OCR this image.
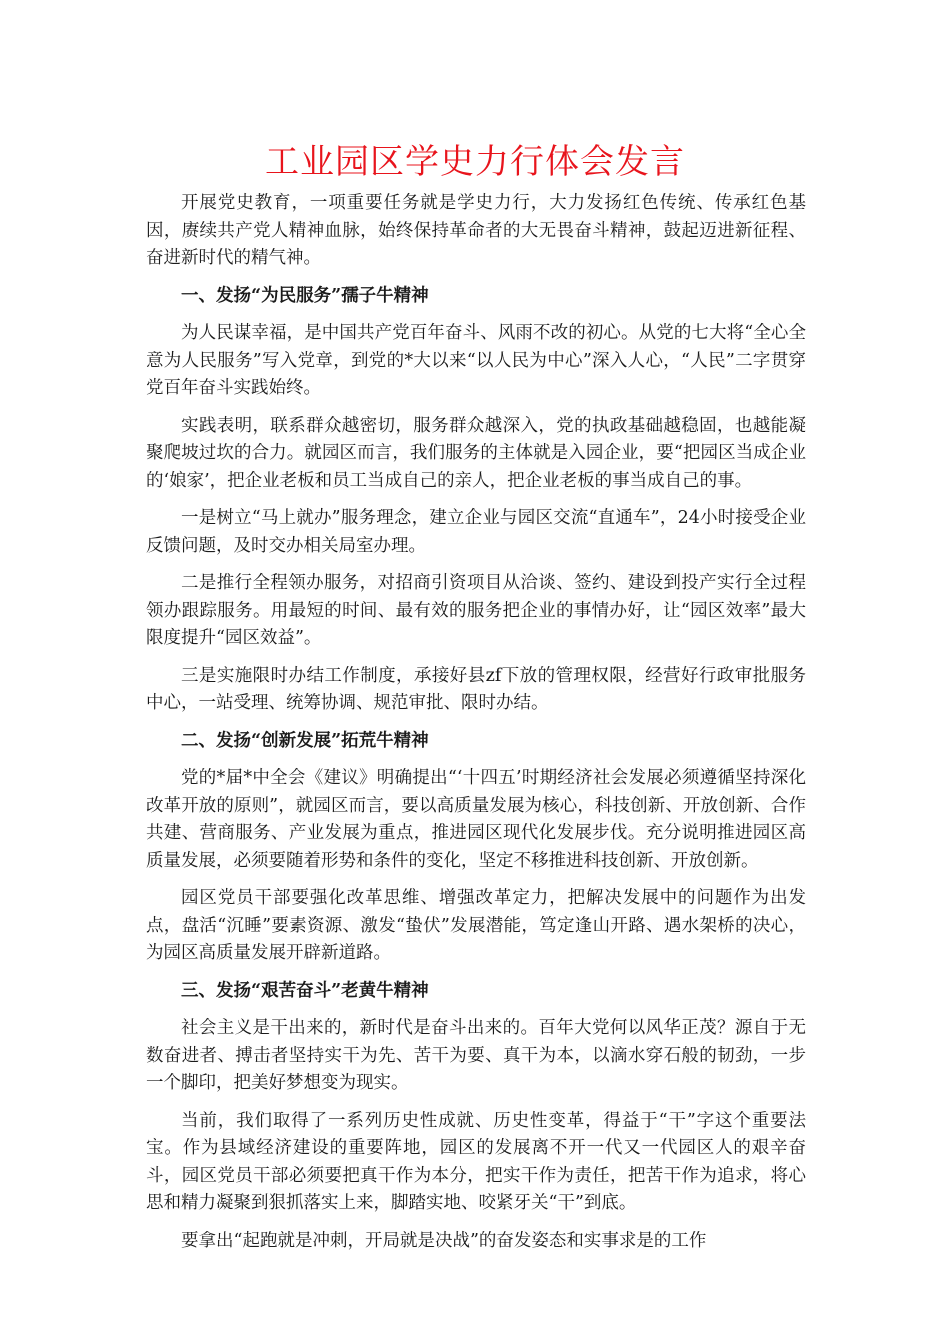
工业园区学史力行体会发言

开展党史教育，一项重要任务就是学史力行，大力发扬红色传统、传承红色基因，赓续共产党人精神血脉，始终保持革命者的大无畏奋斗精神，鼓起迈进新征程、奋进新时代的精气神。

一、发扬“为民服务”孺子牛精神

为人民谋幸福，是中国共产党百年奋斗、风雨不改的初心。从党的七大将“全心全意为人民服务”写入党章，到党的*大以来“以人民为中心”深入人心，“人民”二字贯穿党百年奋斗实践始终。

实践表明，联系群众越密切，服务群众越深入，党的执政基础越稳固，也越能凝聚爬坡过坎的合力。就园区而言，我们服务的主体就是入园企业，要“把园区当成企业的‘娘家’，把企业老板和员工当成自己的亲人，把企业老板的事当成自己的事。

一是树立“马上就办”服务理念，建立企业与园区交流“直通车”，24小时接受企业反馈问题，及时交办相关局室办理。

二是推行全程领办服务，对招商引资项目从洽谈、签约、建设到投产实行全过程领办跟踪服务。用最短的时间、最有效的服务把企业的事情办好，让“园区效率”最大限度提升“园区效益”。

三是实施限时办结工作制度，承接好县zf下放的管理权限，经营好行政审批服务中心，一站受理、统筹协调、规范审批、限时办结。

二、发扬“创新发展”拓荒牛精神

党的*届*中全会《建议》明确提出“‘十四五’时期经济社会发展必须遵循坚持深化改革开放的原则”，就园区而言，要以高质量发展为核心，科技创新、开放创新、合作共建、营商服务、产业发展为重点，推进园区现代化发展步伐。充分说明推进园区高质量发展，必须要随着形势和条件的变化，坚定不移推进科技创新、开放创新。

园区党员干部要强化改革思维、增强改革定力，把解决发展中的问题作为出发点，盘活“沉睡”要素资源、激发“蛰伏”发展潜能，笃定逢山开路、遇水架桥的决心，为园区高质量发展开辟新道路。

三、发扬“艰苦奋斗”老黄牛精神

社会主义是干出来的，新时代是奋斗出来的。百年大党何以风华正茂？源自于无数奋进者、搏击者坚持实干为先、苦干为要、真干为本，以滴水穿石般的韧劲，一步一个脚印，把美好梦想变为现实。

当前，我们取得了一系列历史性成就、历史性变革，得益于“干”字这个重要法宝。作为县域经济建设的重要阵地，园区的发展离不开一代又一代园区人的艰辛奋斗，园区党员干部必须要把真干作为本分，把实干作为责任，把苦干作为追求，将心思和精力凝聚到狠抓落实上来，脚踏实地、咬紧牙关“干”到底。

要拿出“起跑就是冲刺，开局就是决战”的奋发姿态和实事求是的工作
